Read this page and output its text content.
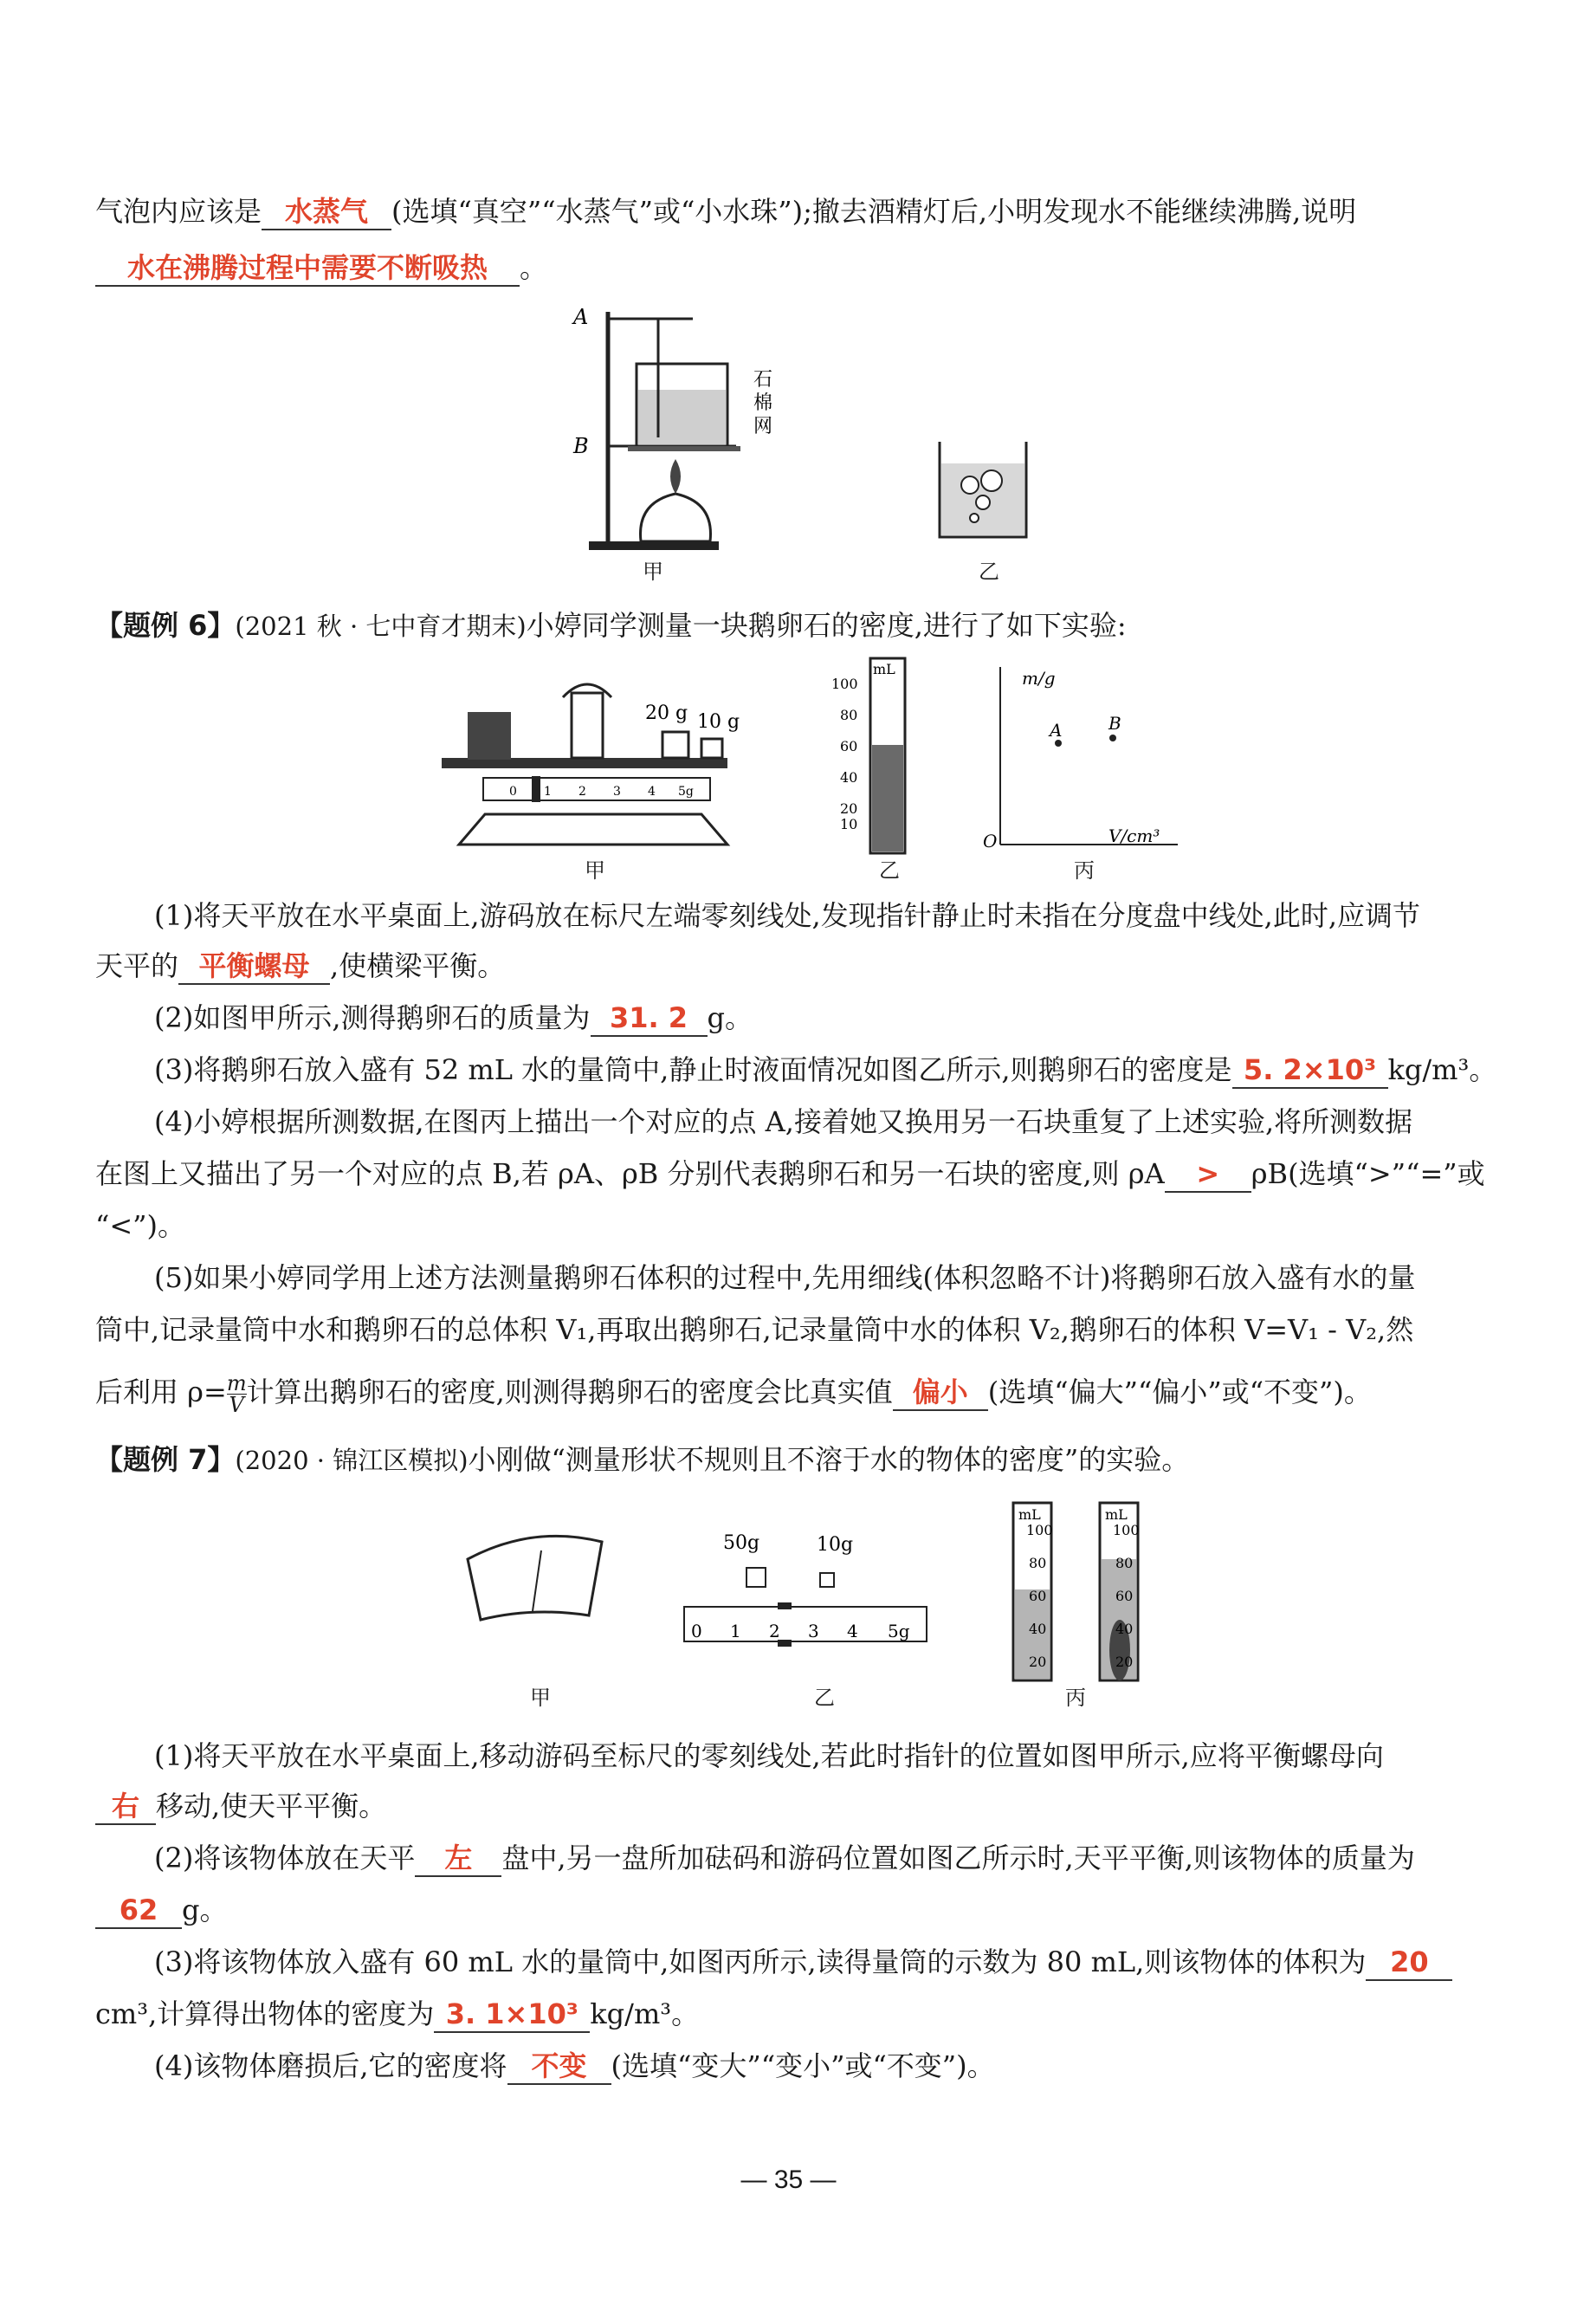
气泡内应该是 水蒸气 (选填“真空”“水蒸气”或“小水珠”);撤去酒精灯后,小明发现水不能继续沸腾,说明
水在沸腾过程中需要不断吸热 。
A
B
石
棉
网
甲	乙
【题例 6】(2021 秋 · 七中育才期末)小婷同学测量一块鹅卵石的密度,进行了如下实验:
20 g 10 g
0 1 2 3 4 5g
mL
100
80
60
40
20
10
m/g
V/cm³
O
A	B
甲	乙	丙
(1)将天平放在水平桌面上,游码放在标尺左端零刻线处,发现指针静止时未指在分度盘中线处,此时,应调节
天平的 平衡螺母 ,使横梁平衡。
(2)如图甲所示,测得鹅卵石的质量为 31. 2 g。
(3)将鹅卵石放入盛有 52 mL 水的量筒中,静止时液面情况如图乙所示,则鹅卵石的密度是 5. 2×10³ kg/m³。
(4)小婷根据所测数据,在图丙上描出一个对应的点 A,接着她又换用另一石块重复了上述实验,将所测数据
在图上又描出了另一个对应的点 B,若 ρA、ρB 分别代表鹅卵石和另一石块的密度,则 ρA > ρB(选填“>”“=”或
“<”)。
(5)如果小婷同学用上述方法测量鹅卵石体积的过程中,先用细线(体积忽略不计)将鹅卵石放入盛有水的量
筒中,记录量筒中水和鹅卵石的总体积 V₁,再取出鹅卵石,记录量筒中水的体积 V₂,鹅卵石的体积 V=V₁ - V₂,然
后利用 $\rho= \frac{m}{V}$ 计算出鹅卵石的密度,则测得鹅卵石的密度会比真实值 偏小 (选填“偏大”“偏小”或“不变”)。
【题例 7】(2020 · 锦江区模拟)小刚做“测量形状不规则且不溶于水的物体的密度”的实验。
50g	10g
0 1 2 3 4 5g
mL
100
80
60
40
20
mL
100
80
60
40
20
甲	乙	丙
(1)将天平放在水平桌面上,移动游码至标尺的零刻线处,若此时指针的位置如图甲所示,应将平衡螺母向
右 移动,使天平平衡。
(2)将该物体放在天平 左 盘中,另一盘所加砝码和游码位置如图乙所示时,天平平衡,则该物体的质量为
62 g。
(3)将该物体放入盛有 60 mL 水的量筒中,如图丙所示,读得量筒的示数为 80 mL,则该物体的体积为 20
cm³,计算得出物体的密度为 3. 1×10³ kg/m³。
(4)该物体磨损后,它的密度将 不变 (选填“变大”“变小”或“不变”)。
— 35 —
